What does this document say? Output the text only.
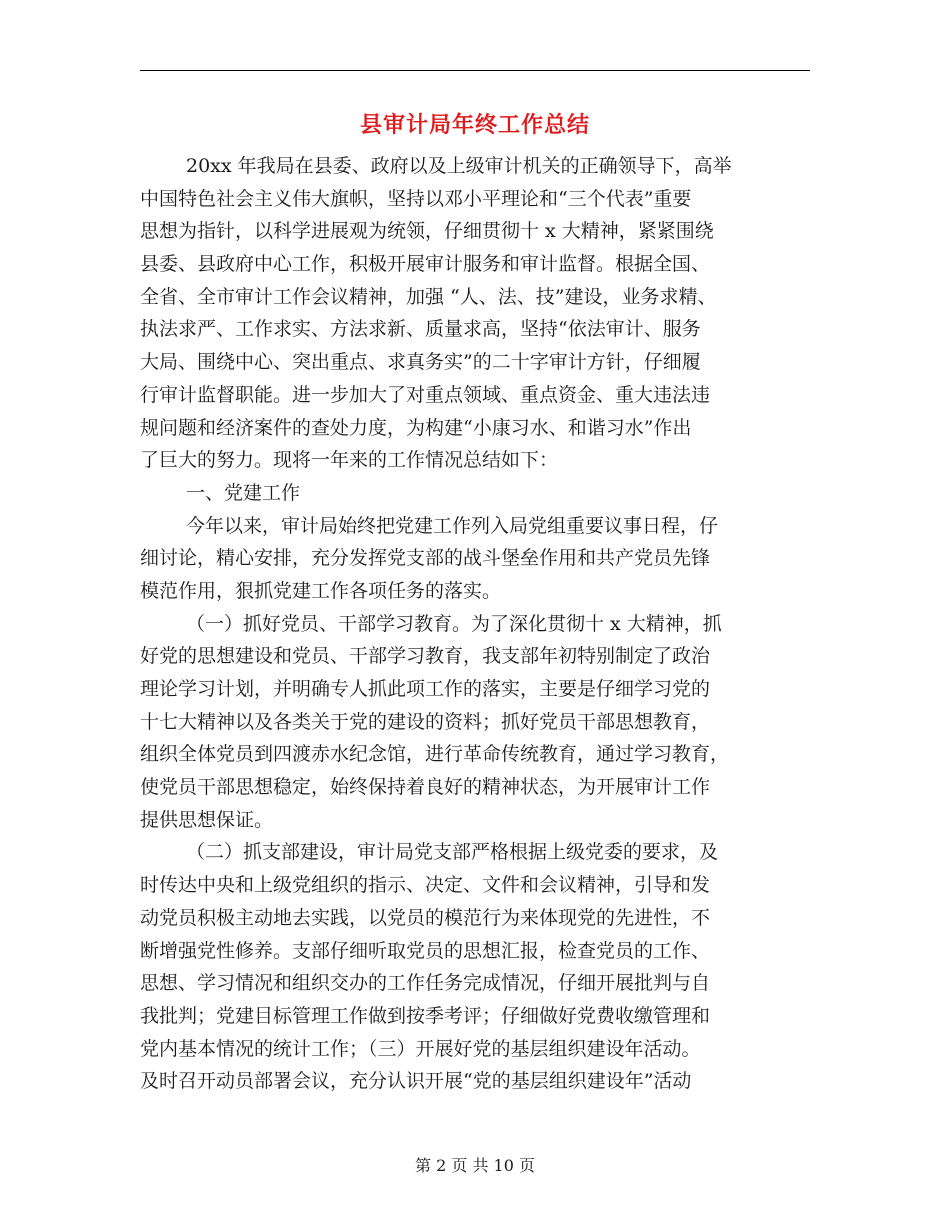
县审计局年终工作总结
20xx 年我局在县委、政府以及上级审计机关的正确领导下，高举
中国特色社会主义伟大旗帜，坚持以邓小平理论和“三个代表”重要
思想为指针，以科学进展观为统领，仔细贯彻十 x 大精神，紧紧围绕
县委、县政府中心工作，积极开展审计服务和审计监督。根据全国、
全省、全市审计工作会议精神，加强 “人、法、技”建设，业务求精、
执法求严、工作求实、方法求新、质量求高，坚持“依法审计、服务
大局、围绕中心、突出重点、求真务实”的二十字审计方针，仔细履
行审计监督职能。进一步加大了对重点领域、重点资金、重大违法违
规问题和经济案件的查处力度，为构建“小康习水、和谐习水”作出
了巨大的努力。现将一年来的工作情况总结如下：
一、党建工作
今年以来，审计局始终把党建工作列入局党组重要议事日程，仔
细讨论，精心安排，充分发挥党支部的战斗堡垒作用和共产党员先锋
模范作用，狠抓党建工作各项任务的落实。
（一）抓好党员、干部学习教育。为了深化贯彻十 x 大精神，抓
好党的思想建设和党员、干部学习教育，我支部年初特别制定了政治
理论学习计划，并明确专人抓此项工作的落实，主要是仔细学习党的
十七大精神以及各类关于党的建设的资料；抓好党员干部思想教育，
组织全体党员到四渡赤水纪念馆，进行革命传统教育，通过学习教育，
使党员干部思想稳定，始终保持着良好的精神状态，为开展审计工作
提供思想保证。
（二）抓支部建设，审计局党支部严格根据上级党委的要求，及
时传达中央和上级党组织的指示、决定、文件和会议精神，引导和发
动党员积极主动地去实践，以党员的模范行为来体现党的先进性，不
断增强党性修养。支部仔细听取党员的思想汇报，检查党员的工作、
思想、学习情况和组织交办的工作任务完成情况，仔细开展批判与自
我批判；党建目标管理工作做到按季考评；仔细做好党费收缴管理和
党内基本情况的统计工作；（三）开展好党的基层组织建设年活动。
及时召开动员部署会议，充分认识开展“党的基层组织建设年”活动
第 2 页 共 10 页
